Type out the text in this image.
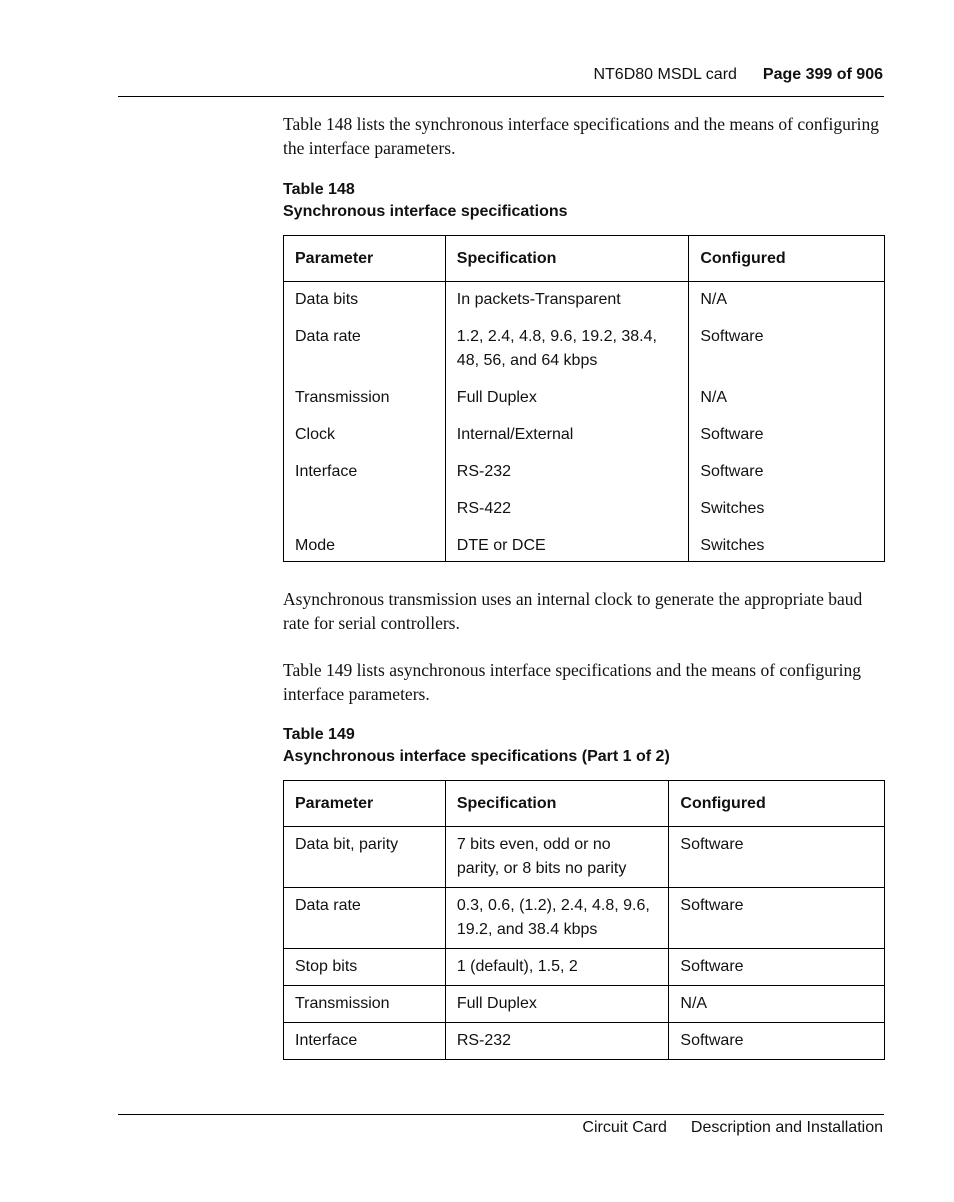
NT6D80 MSDL card Page 399 of 906
Table 148 lists the synchronous interface specifications and the means of configuring the interface parameters.
Table 148
Synchronous interface specifications
Parameter	Specification	Configured
Data bits	In packets-Transparent	N/A
Data rate	1.2, 2.4, 4.8, 9.6, 19.2, 38.4, 48, 56, and 64 kbps	Software
Transmission	Full Duplex	N/A
Clock	Internal/External	Software
Interface	RS-232	Software
	RS-422	Switches
Mode	DTE or DCE	Switches
Asynchronous transmission uses an internal clock to generate the appropriate baud rate for serial controllers.
Table 149 lists asynchronous interface specifications and the means of configuring interface parameters.
Table 149
Asynchronous interface specifications (Part 1 of 2)
Parameter	Specification	Configured
Data bit, parity	7 bits even, odd or no parity, or 8 bits no parity	Software
Data rate	0.3, 0.6, (1.2), 2.4, 4.8, 9.6, 19.2, and 38.4 kbps	Software
Stop bits	1 (default), 1.5, 2	Software
Transmission	Full Duplex	N/A
Interface	RS-232	Software
Circuit Card Description and Installation
